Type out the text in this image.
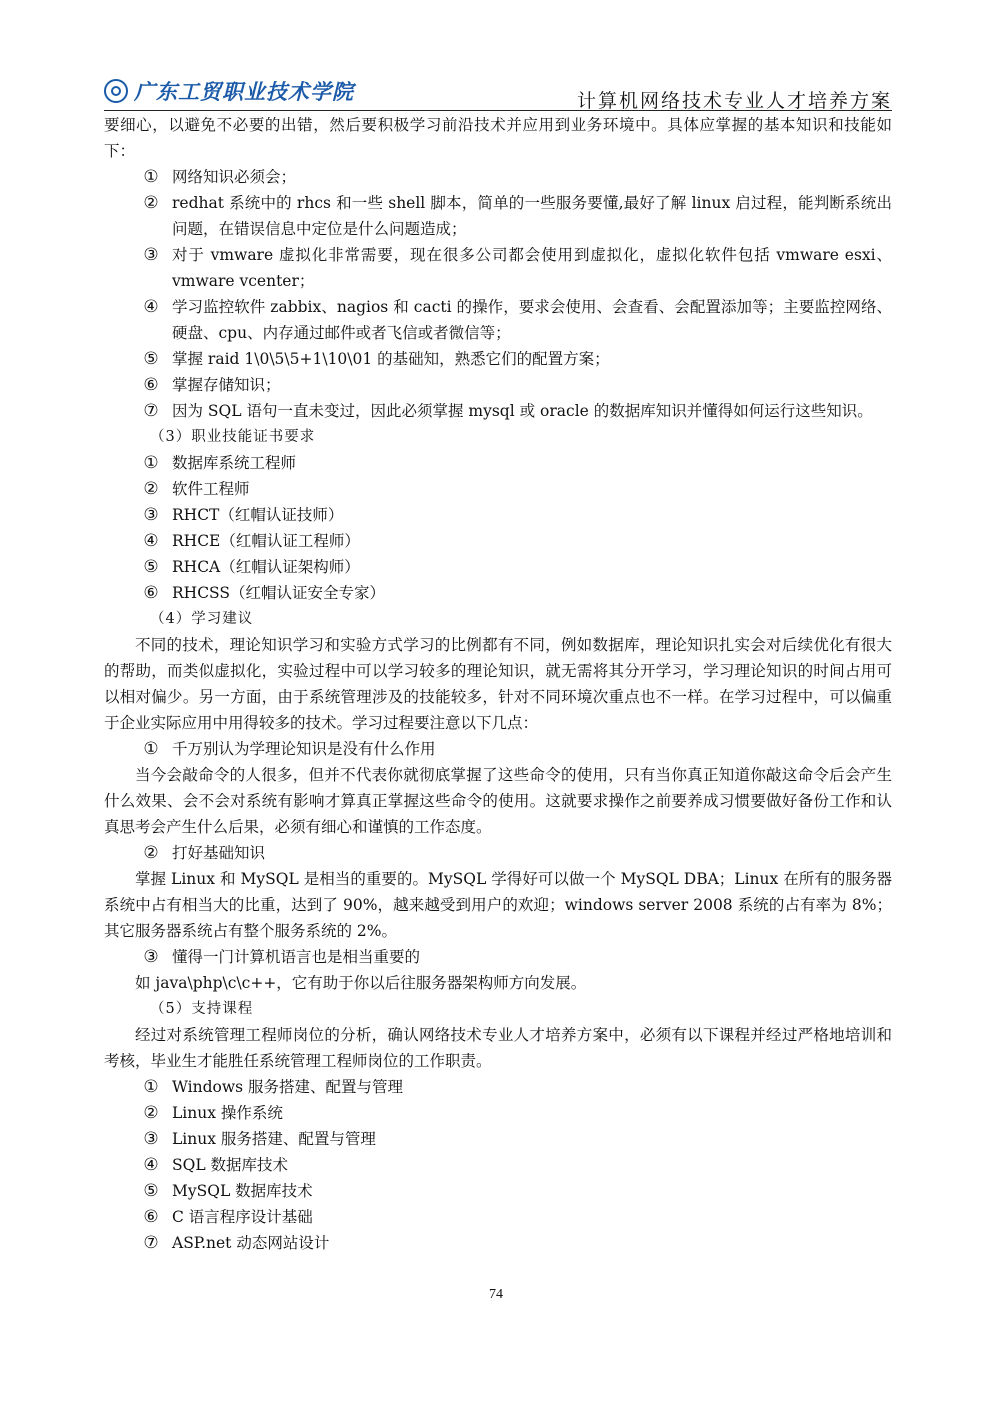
广东工贸职业技术学院	计算机网络技术专业人才培养方案
要细心，以避免不必要的出错，然后要积极学习前沿技术并应用到业务环境中。具体应掌握的基本知识和技能如下：
① 网络知识必须会；
② redhat 系统中的 rhcs 和一些 shell 脚本，简单的一些服务要懂,最好了解 linux 启过程，能判断系统出问题，在错误信息中定位是什么问题造成；
③ 对于 vmware 虚拟化非常需要，现在很多公司都会使用到虚拟化，虚拟化软件包括 vmware esxi、vmware vcenter；
④ 学习监控软件 zabbix、nagios 和 cacti 的操作，要求会使用、会查看、会配置添加等；主要监控网络、硬盘、cpu、内存通过邮件或者飞信或者微信等；
⑤ 掌握 raid 1\0\5\5+1\10\01 的基础知，熟悉它们的配置方案；
⑥ 掌握存储知识；
⑦ 因为 SQL 语句一直未变过，因此必须掌握 mysql 或 oracle 的数据库知识并懂得如何运行这些知识。
（3）职业技能证书要求
① 数据库系统工程师
② 软件工程师
③ RHCT（红帽认证技师）
④ RHCE（红帽认证工程师）
⑤ RHCA（红帽认证架构师）
⑥ RHCSS（红帽认证安全专家）
（4）学习建议
不同的技术，理论知识学习和实验方式学习的比例都有不同，例如数据库，理论知识扎实会对后续优化有很大的帮助，而类似虚拟化，实验过程中可以学习较多的理论知识，就无需将其分开学习，学习理论知识的时间占用可以相对偏少。另一方面，由于系统管理涉及的技能较多，针对不同环境次重点也不一样。在学习过程中，可以偏重于企业实际应用中用得较多的技术。学习过程要注意以下几点：
① 千万别认为学理论知识是没有什么作用
当今会敲命令的人很多，但并不代表你就彻底掌握了这些命令的使用，只有当你真正知道你敲这命令后会产生什么效果、会不会对系统有影响才算真正掌握这些命令的使用。这就要求操作之前要养成习惯要做好备份工作和认真思考会产生什么后果，必须有细心和谨慎的工作态度。
② 打好基础知识
掌握 Linux 和 MySQL 是相当的重要的。MySQL 学得好可以做一个 MySQL DBA；Linux 在所有的服务器系统中占有相当大的比重，达到了 90%，越来越受到用户的欢迎；windows server 2008 系统的占有率为 8%；其它服务器系统占有整个服务系统的 2%。
③ 懂得一门计算机语言也是相当重要的
如 java\php\c\c++，它有助于你以后往服务器架构师方向发展。
（5）支持课程
经过对系统管理工程师岗位的分析，确认网络技术专业人才培养方案中，必须有以下课程并经过严格地培训和考核，毕业生才能胜任系统管理工程师岗位的工作职责。
① Windows 服务搭建、配置与管理
② Linux 操作系统
③ Linux 服务搭建、配置与管理
④ SQL 数据库技术
⑤ MySQL 数据库技术
⑥ C 语言程序设计基础
⑦ ASP.net 动态网站设计
74
